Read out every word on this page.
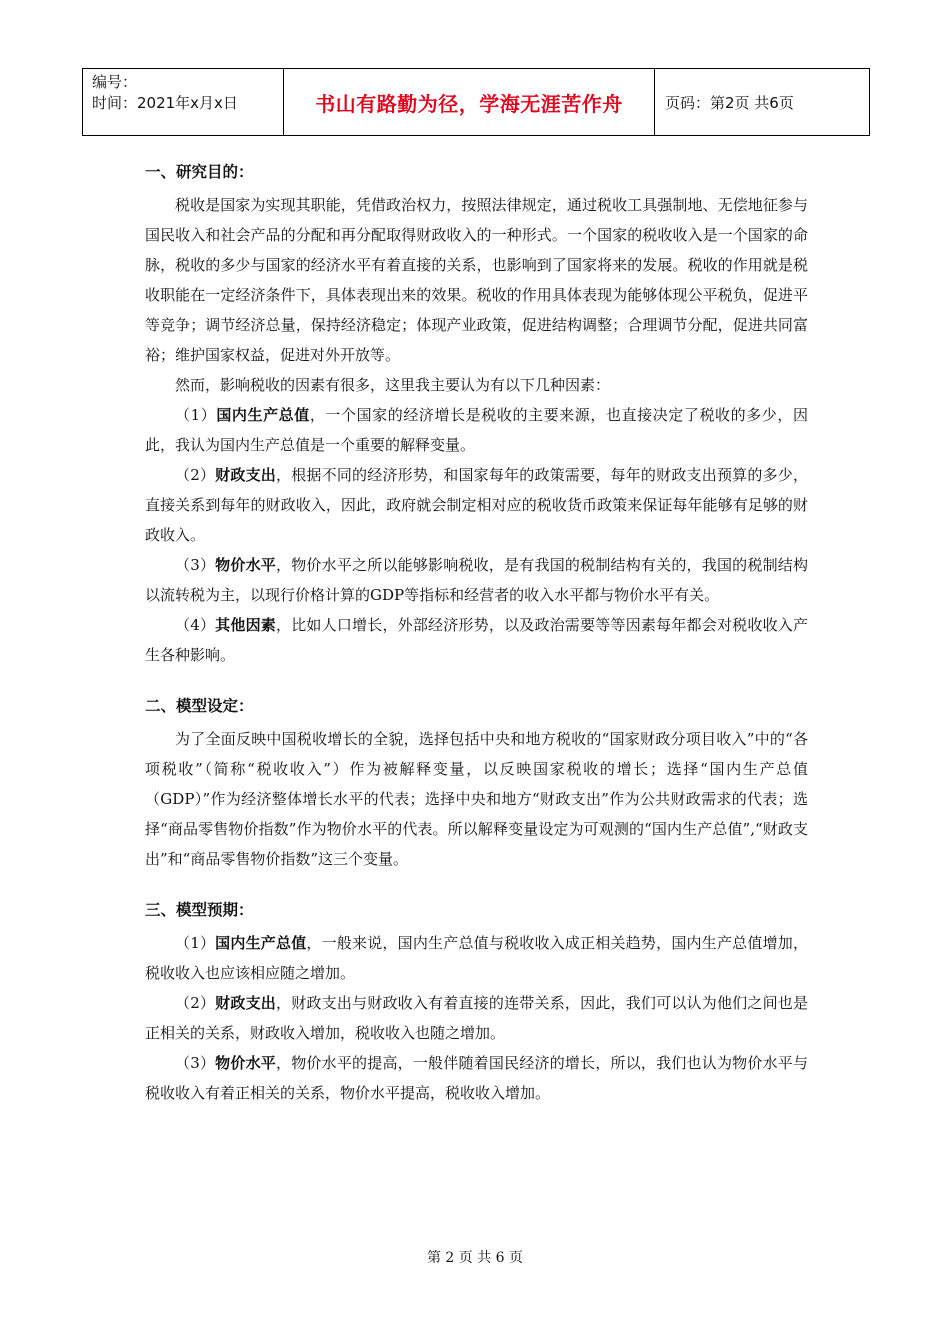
编号：
时间：2021年x月x日	书山有路勤为径，学海无涯苦作舟	页码：第2页 共6页
一、研究目的：

税收是国家为实现其职能，凭借政治权力，按照法律规定，通过税收工具强制地、无偿地征参与国民收入和社会产品的分配和再分配取得财政收入的一种形式。一个国家的税收收入是一个国家的命脉，税收的多少与国家的经济水平有着直接的关系，也影响到了国家将来的发展。税收的作用就是税收职能在一定经济条件下，具体表现出来的效果。税收的作用具体表现为能够体现公平税负，促进平等竞争；调节经济总量，保持经济稳定；体现产业政策，促进结构调整；合理调节分配，促进共同富裕；维护国家权益，促进对外开放等。

然而，影响税收的因素有很多，这里我主要认为有以下几种因素：

（1）国内生产总值，一个国家的经济增长是税收的主要来源，也直接决定了税收的多少，因此，我认为国内生产总值是一个重要的解释变量。

（2）财政支出，根据不同的经济形势，和国家每年的政策需要，每年的财政支出预算的多少，直接关系到每年的财政收入，因此，政府就会制定相对应的税收货币政策来保证每年能够有足够的财政收入。

（3）物价水平，物价水平之所以能够影响税收，是有我国的税制结构有关的，我国的税制结构以流转税为主，以现行价格计算的GDP等指标和经营者的收入水平都与物价水平有关。

（4）其他因素，比如人口增长，外部经济形势，以及政治需要等等因素每年都会对税收收入产生各种影响。

二、模型设定：

为了全面反映中国税收增长的全貌，选择包括中央和地方税收的“国家财政分项目收入”中的“各项税收”（简称“税收收入”）作为被解释变量，以反映国家税收的增长；选择“国内生产总值（GDP）”作为经济整体增长水平的代表；选择中央和地方“财政支出”作为公共财政需求的代表；选择“商品零售物价指数”作为物价水平的代表。所以解释变量设定为可观测的“国内生产总值”,“财政支出”和“商品零售物价指数”这三个变量。

三、模型预期：

（1）国内生产总值，一般来说，国内生产总值与税收收入成正相关趋势，国内生产总值增加，税收收入也应该相应随之增加。

（2）财政支出，财政支出与财政收入有着直接的连带关系，因此，我们可以认为他们之间也是正相关的关系，财政收入增加，税收收入也随之增加。

（3）物价水平，物价水平的提高，一般伴随着国民经济的增长，所以，我们也认为物价水平与税收收入有着正相关的关系，物价水平提高，税收收入增加。

第 2 页 共 6 页
